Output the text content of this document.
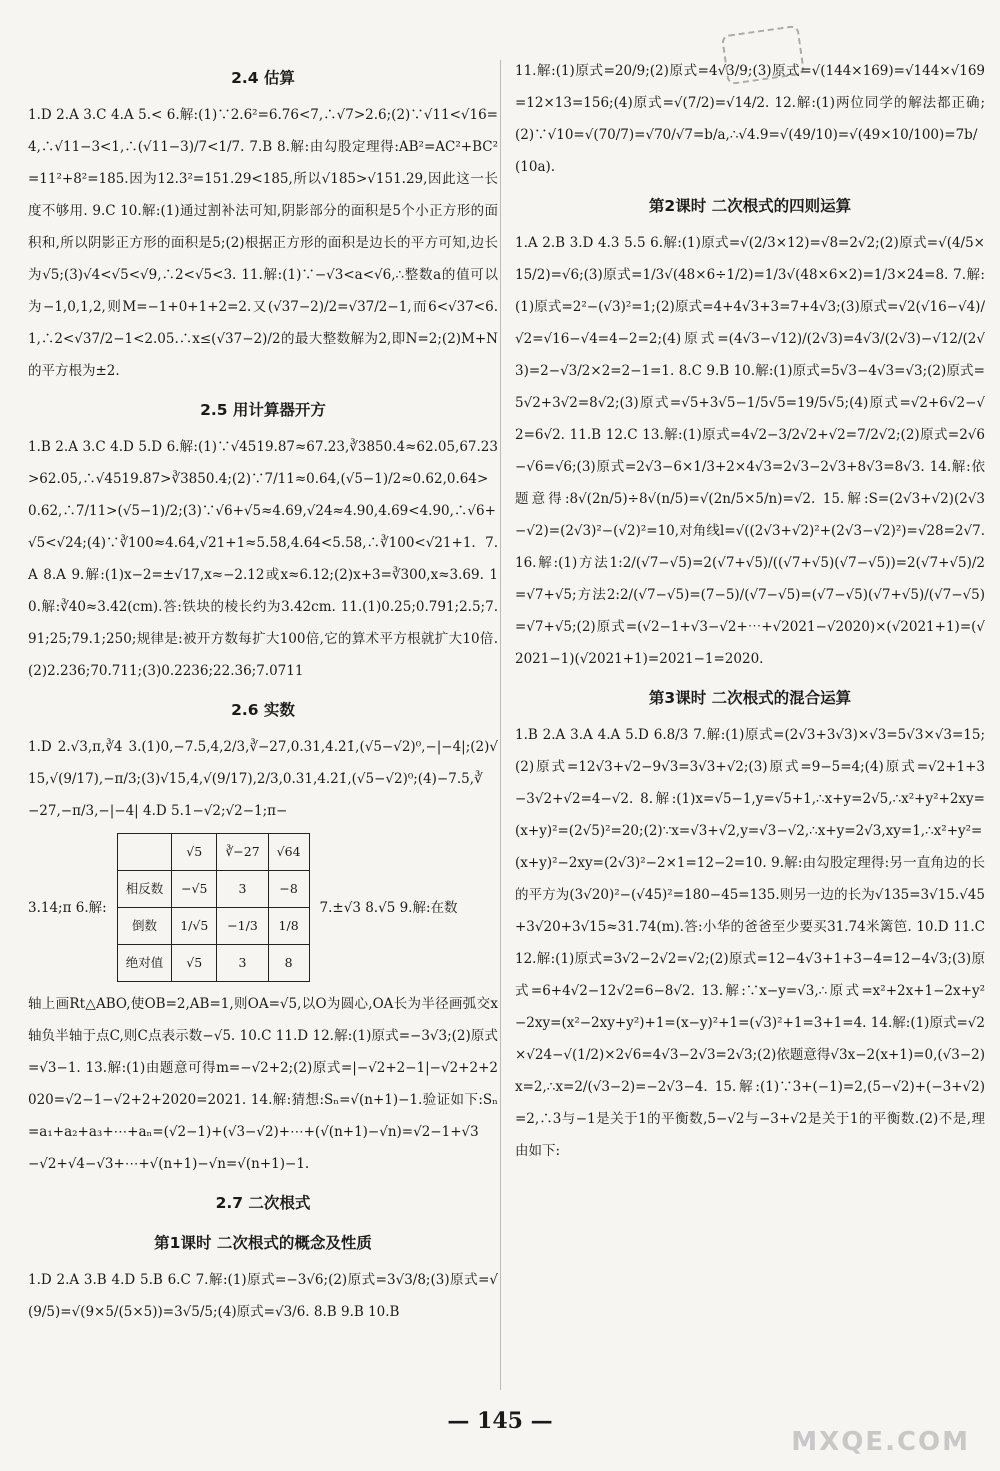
2.4 估算
1.D 2.A 3.C 4.A 5.< 6.解:(1)∵2.6²=6.76<7,∴√7>2.6;(2)∵√11<√16=4,∴√11−3<1,∴(√11−3)/7<1/7. 7.B 8.解:由勾股定理得:AB²=AC²+BC²=11²+8²=185.因为12.3²=151.29<185,所以√185>√151.29,因此这一长度不够用. 9.C 10.解:(1)通过割补法可知,阴影部分的面积是5个小正方形的面积和,所以阴影正方形的面积是5;(2)根据正方形的面积是边长的平方可知,边长为√5;(3)√4<√5<√9,∴2<√5<3. 11.解:(1)∵−√3<a<√6,∴整数a的值可以为−1,0,1,2,则M=−1+0+1+2=2.又(√37−2)/2=√37/2−1,而6<√37<6.1,∴2<√37/2−1<2.05.∴x≤(√37−2)/2的最大整数解为2,即N=2;(2)M+N的平方根为±2.
2.5 用计算器开方
1.B 2.A 3.C 4.D 5.D 6.解:(1)∵√4519.87≈67.23,∛3850.4≈62.05,67.23>62.05,∴√4519.87>∛3850.4;(2)∵7/11≈0.64,(√5−1)/2≈0.62,0.64>0.62,∴7/11>(√5−1)/2;(3)∵√6+√5≈4.69,√24≈4.90,4.69<4.90,∴√6+√5<√24;(4)∵∛100≈4.64,√21+1≈5.58,4.64<5.58,∴∛100<√21+1. 7.A 8.A 9.解:(1)x−2=±√17,x≈−2.12或x≈6.12;(2)x+3=∛300,x≈3.69. 10.解:∛40≈3.42(cm).答:铁块的棱长约为3.42cm. 11.(1)0.25;0.791;2.5;7.91;25;79.1;250;规律是:被开方数每扩大100倍,它的算术平方根就扩大10倍.(2)2.236;70.711;(3)0.2236;22.36;7.0711
2.6 实数
1.D 2.√3,π,∛4 3.(1)0,−7.5,4,2/3,∛−27,0.31,4.2̇1̇,(√5−√2)⁰,−|−4|;(2)√15,√(9/17),−π/3;(3)√15,4,√(9/17),2/3,0.31,4.2̇1̇,(√5−√2)⁰;(4)−7.5,∛−27,−π/3,−|−4| 4.D 5.1−√2;√2−1;π−
3.14;π 6.解:
	√5	∛−27	√64
相反数	−√5	3	−8
倒数	1/√5	−1/3	1/8
绝对值	√5	3	8
7.±√3 8.√5 9.解:在数
轴上画Rt△ABO,使OB=2,AB=1,则OA=√5,以O为圆心,OA长为半径画弧交x轴负半轴于点C,则C点表示数−√5. 10.C 11.D 12.解:(1)原式=−3√3;(2)原式=√3−1. 13.解:(1)由题意可得m=−√2+2;(2)原式=|−√2+2−1|−√2+2+2020=√2−1−√2+2+2020=2021. 14.解:猜想:Sₙ=√(n+1)−1.验证如下:Sₙ=a₁+a₂+a₃+⋯+aₙ=(√2−1)+(√3−√2)+⋯+(√(n+1)−√n)=√2−1+√3−√2+√4−√3+⋯+√(n+1)−√n=√(n+1)−1.
2.7 二次根式
第1课时 二次根式的概念及性质
1.D 2.A 3.B 4.D 5.B 6.C 7.解:(1)原式=−3√6;(2)原式=3√3/8;(3)原式=√(9/5)=√(9×5/(5×5))=3√5/5;(4)原式=√3/6. 8.B 9.B 10.B
11.解:(1)原式=20/9;(2)原式=4√3/9;(3)原式=√(144×169)=√144×√169=12×13=156;(4)原式=√(7/2)=√14/2. 12.解:(1)两位同学的解法都正确;(2)∵√10=√(70/7)=√70/√7=b/a,∴√4.9=√(49/10)=√(49×10/100)=7b/(10a).
第2课时 二次根式的四则运算
1.A 2.B 3.D 4.3 5.5 6.解:(1)原式=√(2/3×12)=√8=2√2;(2)原式=√(4/5×15/2)=√6;(3)原式=1/3√(48×6÷1/2)=1/3√(48×6×2)=1/3×24=8. 7.解:(1)原式=2²−(√3)²=1;(2)原式=4+4√3+3=7+4√3;(3)原式=√2(√16−√4)/√2=√16−√4=4−2=2;(4)原式=(4√3−√12)/(2√3)=4√3/(2√3)−√12/(2√3)=2−√3/2×2=2−1=1. 8.C 9.B 10.解:(1)原式=5√3−4√3=√3;(2)原式=5√2+3√2=8√2;(3)原式=√5+3√5−1/5√5=19/5√5;(4)原式=√2+6√2−√2=6√2. 11.B 12.C 13.解:(1)原式=4√2−3/2√2+√2=7/2√2;(2)原式=2√6−√6=√6;(3)原式=2√3−6×1/3+2×4√3=2√3−2√3+8√3=8√3. 14.解:依题意得:8√(2n/5)÷8√(n/5)=√(2n/5×5/n)=√2. 15.解:S=(2√3+√2)(2√3−√2)=(2√3)²−(√2)²=10,对角线l=√((2√3+√2)²+(2√3−√2)²)=√28=2√7. 16.解:(1)方法1:2/(√7−√5)=2(√7+√5)/((√7+√5)(√7−√5))=2(√7+√5)/2=√7+√5;方法2:2/(√7−√5)=(7−5)/(√7−√5)=(√7−√5)(√7+√5)/(√7−√5)=√7+√5;(2)原式=(√2−1+√3−√2+⋯+√2021−√2020)×(√2021+1)=(√2021−1)(√2021+1)=2021−1=2020.
第3课时 二次根式的混合运算
1.B 2.A 3.A 4.A 5.D 6.8/3 7.解:(1)原式=(2√3+3√3)×√3=5√3×√3=15;(2)原式=12√3+√2−9√3=3√3+√2;(3)原式=9−5=4;(4)原式=√2+1+3−3√2+√2=4−√2. 8.解:(1)x=√5−1,y=√5+1,∴x+y=2√5,∴x²+y²+2xy=(x+y)²=(2√5)²=20;(2)∵x=√3+√2,y=√3−√2,∴x+y=2√3,xy=1,∴x²+y²=(x+y)²−2xy=(2√3)²−2×1=12−2=10. 9.解:由勾股定理得:另一直角边的长的平方为(3√20)²−(√45)²=180−45=135.则另一边的长为√135=3√15.√45+3√20+3√15≈31.74(m).答:小华的爸爸至少要买31.74米篱笆. 10.D 11.C 12.解:(1)原式=3√2−2√2=√2;(2)原式=12−4√3+1+3−4=12−4√3;(3)原式=6+4√2−12√2=6−8√2. 13.解:∵x−y=√3,∴原式=x²+2x+1−2x+y²−2xy=(x²−2xy+y²)+1=(x−y)²+1=(√3)²+1=3+1=4. 14.解:(1)原式=√2×√24−√(1/2)×2√6=4√3−2√3=2√3;(2)依题意得√3x−2(x+1)=0,(√3−2)x=2,∴x=2/(√3−2)=−2√3−4. 15.解:(1)∵3+(−1)=2,(5−√2)+(−3+√2)=2,∴3与−1是关于1的平衡数,5−√2与−3+√2是关于1的平衡数.(2)不是,理由如下:
— 145 —
MXQE.COM
